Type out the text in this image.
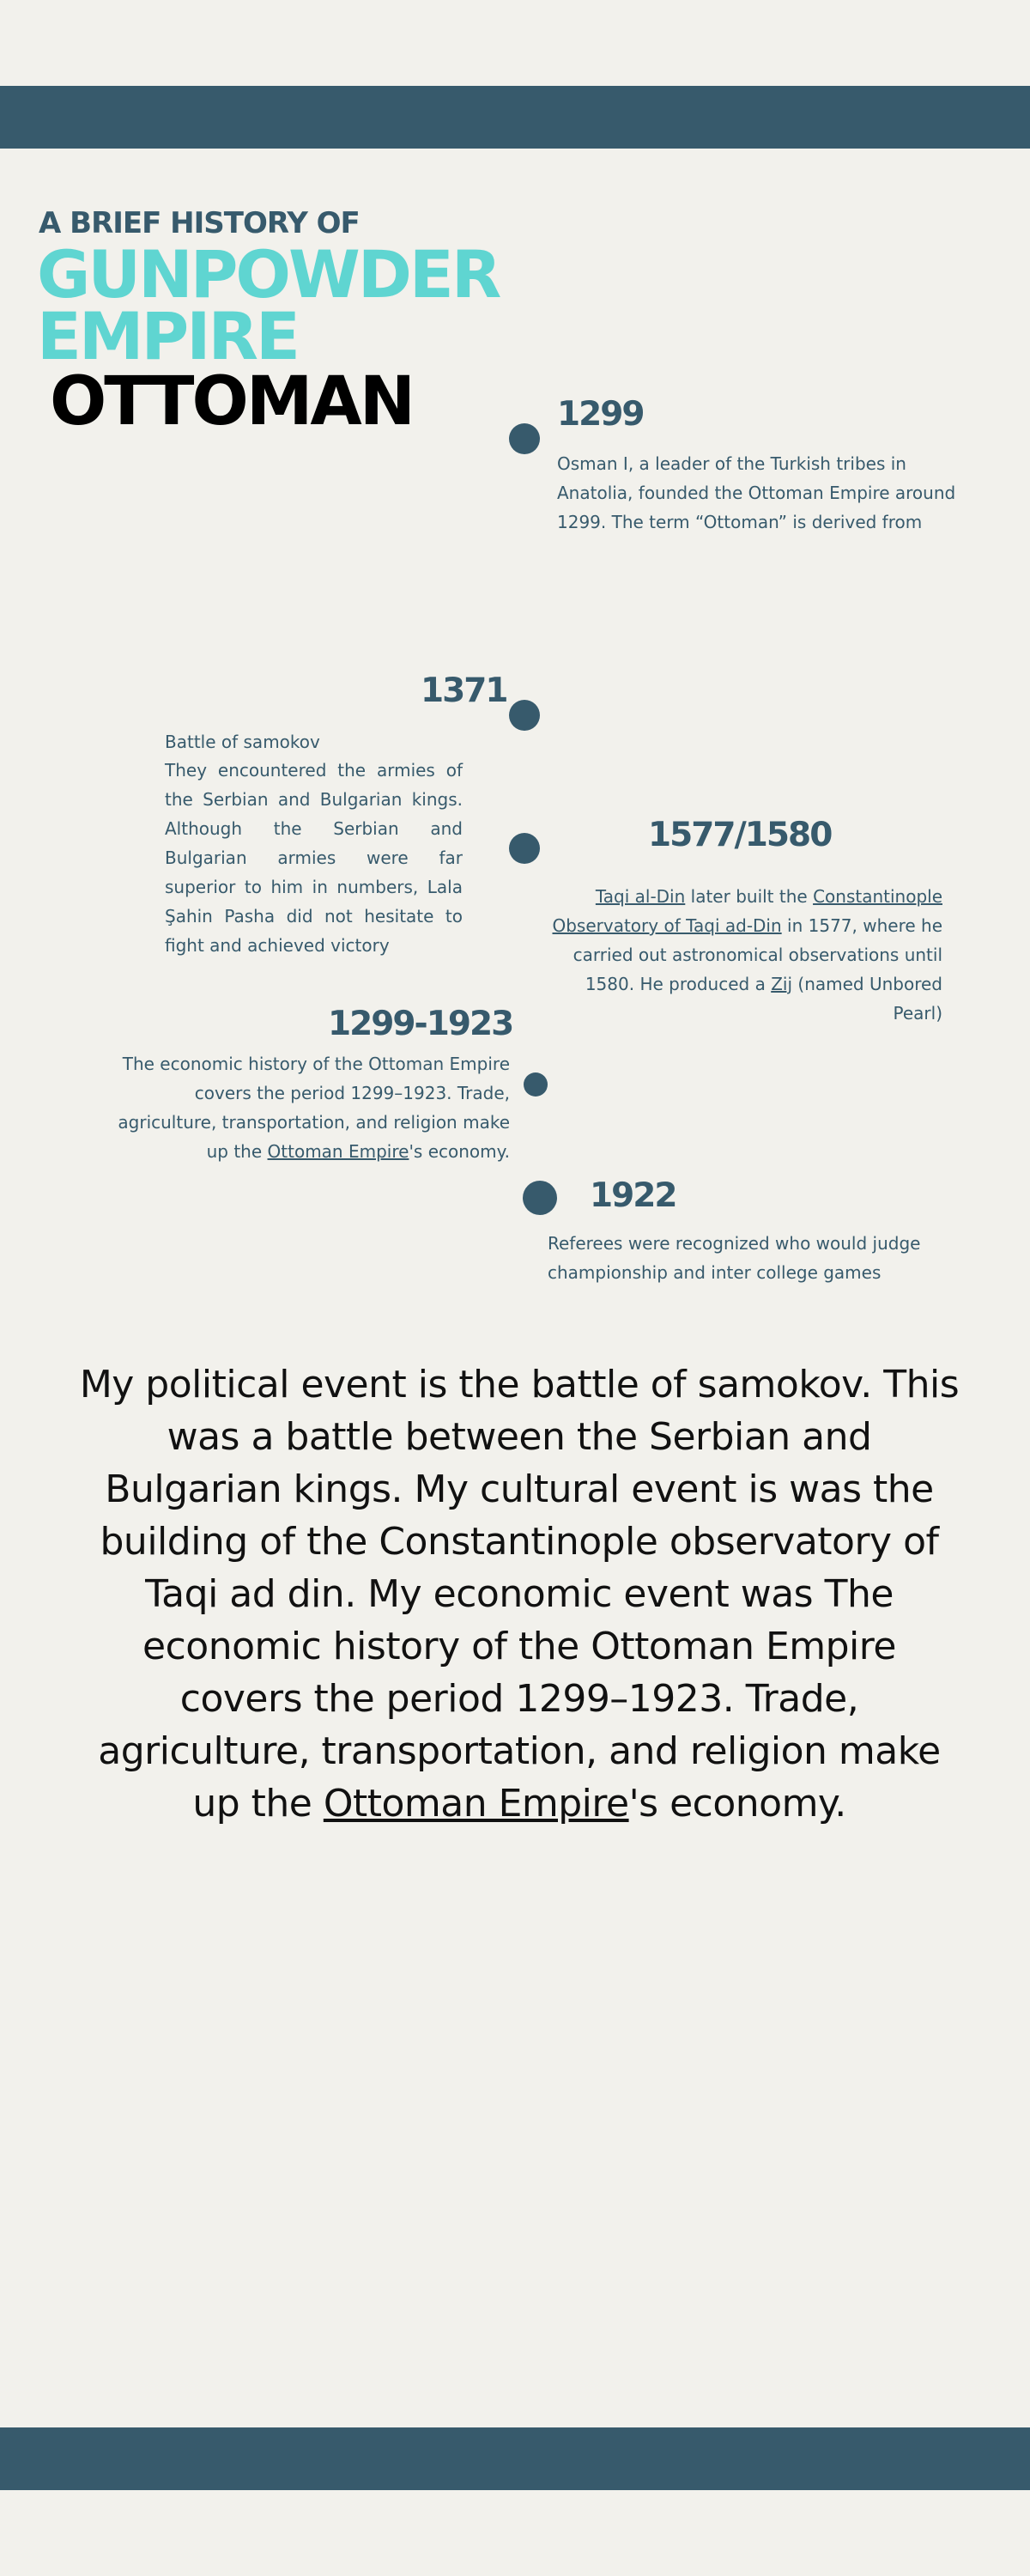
A BRIEF HISTORY OF
GUNPOWDER
EMPIRE
OTTOMAN	1299

Osman I, a leader of the Turkish tribes in Anatolia, founded the Ottoman Empire around 1299. The term “Ottoman” is derived from

1371
Battle of samokov

They encountered the armies of the Serbian and Bulgarian kings. Although the Serbian and Bulgarian armies were far superior to him in numbers, Lala Şahin Pasha did not hesitate to fight and achieved victory

1577/1580

Taqi al-Din later built the Constantinople Observatory of Taqi ad-Din in 1577, where he carried out astronomical observations until 1580. He produced a Zij (named Unbored Pearl)

1299-1923

The economic history of the Ottoman Empire covers the period 1299–1923. Trade, agriculture, transportation, and religion make up the Ottoman Empire's economy.

1922

Referees were recognized who would judge championship and inter college games

My political event is the battle of samokov. This was a battle between the Serbian and Bulgarian kings. My cultural event is was the building of the Constantinople observatory of Taqi ad din. My economic event was The economic history of the Ottoman Empire covers the period 1299–1923. Trade, agriculture, transportation, and religion make up the Ottoman Empire's economy.
